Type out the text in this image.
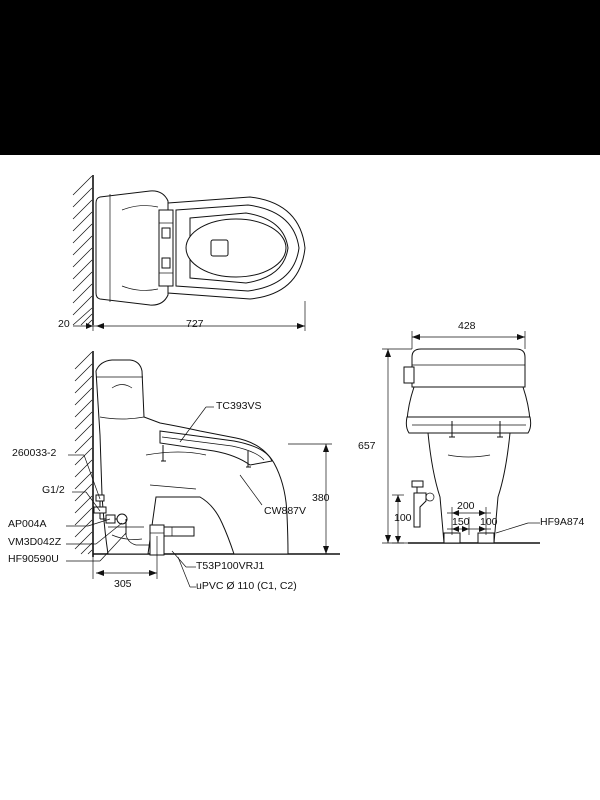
20	727
TC393VS
260033-2
G1/2
AP004A
VM3D042Z
HF90590U
CW887V
T53P100VRJ1
uPVC Ø 110 (C1, C2)
380
305
428
657
200
100	150 100	HF9A874
